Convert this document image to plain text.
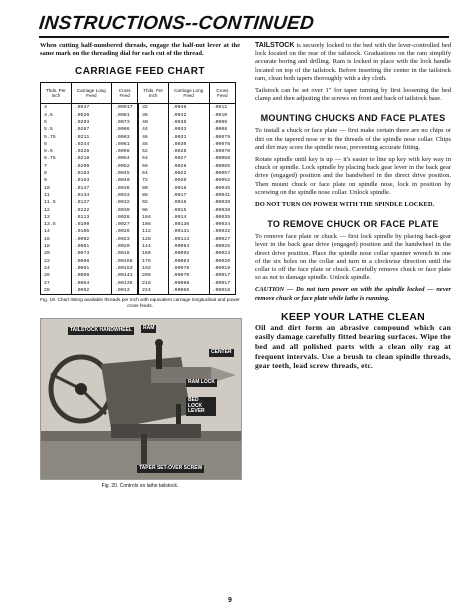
INSTRUCTIONS--CONTINUED

When cutting half-numbered threads, engage the half-nut lever at the same mark on the threading dial for each cut of the thread.

CARRIAGE FEED CHART
Thds. Per Inch	Carriage Long Feed	Cross Feed	Thds. Per Inch	Carriage Long Feed	Cross Feed
4	.0547	.00917	32	.0046	.0011
4.5	.0526	.0081	36	.0042	.0010
5	.0293	.0073	40	.0036	.0009
5.5	.0267	.0066	44	.0033	.0008
5.75	.0211	.0063	46	.0031	.00079
6	.0244	.0061	48	.0030	.00076
6.5	.0226	.0056	52	.0028	.00070
6.75	.0218	.0054	54	.0027	.00068
7	.0209	.0052	56	.0026	.00065
8	.0183	.0045	64	.0022	.00057
9	.0163	.0040	72	.0020	.00052
10	.0147	.0036	80	.0018	.00045
11	.0134	.0033	88	.0017	.00041
11.5	.0127	.0032	92	.0016	.00039
12	.0122	.0030	96	.0015	.00038
13	.0113	.0028	104	.0014	.00035
13.5	.0109	.0027	108	.00136	.00034
14	.0105	.0026	112	.00131	.00032
16	.0092	.0023	128	.00114	.00027
18	.0081	.0020	144	.00094	.00025
20	.0073	.0018	160	.00092	.00023
22	.0066	.00166	176	.00083	.00020
24	.0061	.00153	192	.00076	.00019
26	.0056	.00141	208	.00070	.00017
27	.0054	.00135	216	.00068	.00017
28	.0052	.0013	224	.00065	.00016
Fig. 19. Chart listing available threads per inch with equivalent carriage longitudinal and power cross feeds.
TAILSTOCK HANDWHEEL	RAM
CENTER
RAM LOCK
BED LOCK LEVER
TAPER SET-OVER SCREW
Fig. 20. Controls on lathe tailstock.

TAILSTOCK is securely locked to the bed with the lever-controlled bed lock located on the rear of the tailstock. Graduations on the ram simplify accurate boring and drilling. Ram is locked in place with the lock handle located on top of the tailstock. Before inserting the center in the tailstock ram, clean both tapers thoroughly with a dry cloth.

Tailstock can be set over 1" for taper turning by first loosening the bed clamp and then adjusting the screws on front and back of tailstock base.

MOUNTING CHUCKS AND FACE PLATES

To install a chuck or face plate — first make certain there are no chips or dirt on the tapered nose or in the threads of the spindle nose collar. Chips and dirt may score the spindle nose, preventing accurate fitting.

Rotate spindle until key is up — it's easier to line up key with key way in chuck or spindle. Lock spindle by placing back gear lever in the back gear drive (engaged) position and the handwheel in the direct drive position. Then mount chuck or face plate on spindle nose, lock in position by screwing on the spindle nose collar. Unlock spindle.

DO NOT TURN ON POWER WITH THE SPINDLE LOCKED.

TO REMOVE CHUCK OR FACE PLATE

To remove face plate or chuck — first lock spindle by placing back-gear lever in the back gear drive (engaged) position and the handwheel in the direct drive position. Place the spindle nose collar spanner wrench in one of the six holes on the collar and turn in a clockwise direction until the collar is off the face plate or chuck. Carefully remove chuck or face plate so as not to damage spindle. Unlock spindle.

CAUTION — Do not turn power on with the spindle locked — never remove chuck or face plate while lathe is running.

KEEP YOUR LATHE CLEAN

Oil and dirt form an abrasive compound which can easily damage carefully fitted bearing surfaces. Wipe the bed and all polished parts with a clean oily rag at frequent intervals. Use a brush to clean spindle threads, gear teeth, lead screw threads, etc.

9
